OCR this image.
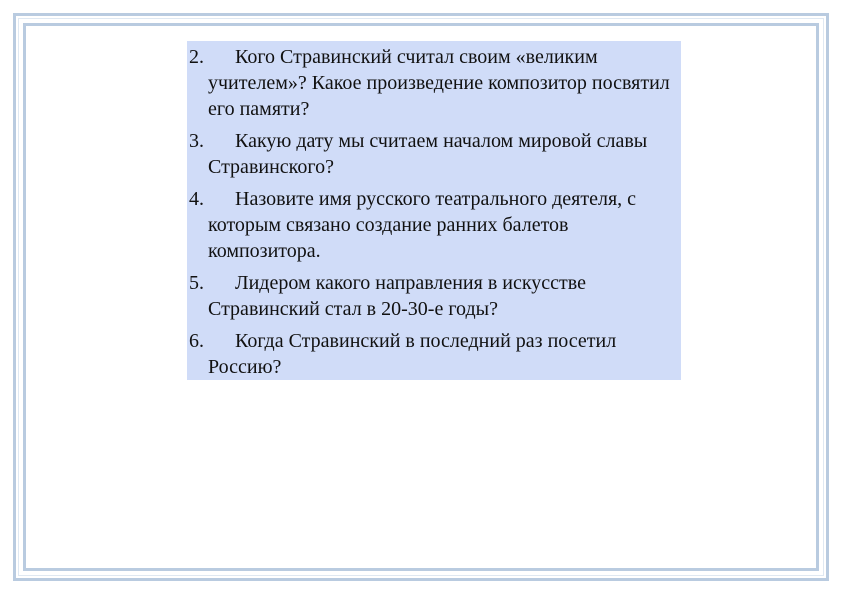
2.	Кого Стравинский считал своим «великим учителем»? Какое произведение композитор посвятил его памяти?
3.	Какую дату мы считаем началом мировой славы Стравинского?
4.	Назовите имя русского театрального деятеля, с которым связано создание ранних балетов композитора.
5.	Лидером какого направления в искусстве Стравинский стал в 20-30-е годы?
6.	Когда Стравинский в последний раз посетил Россию?
